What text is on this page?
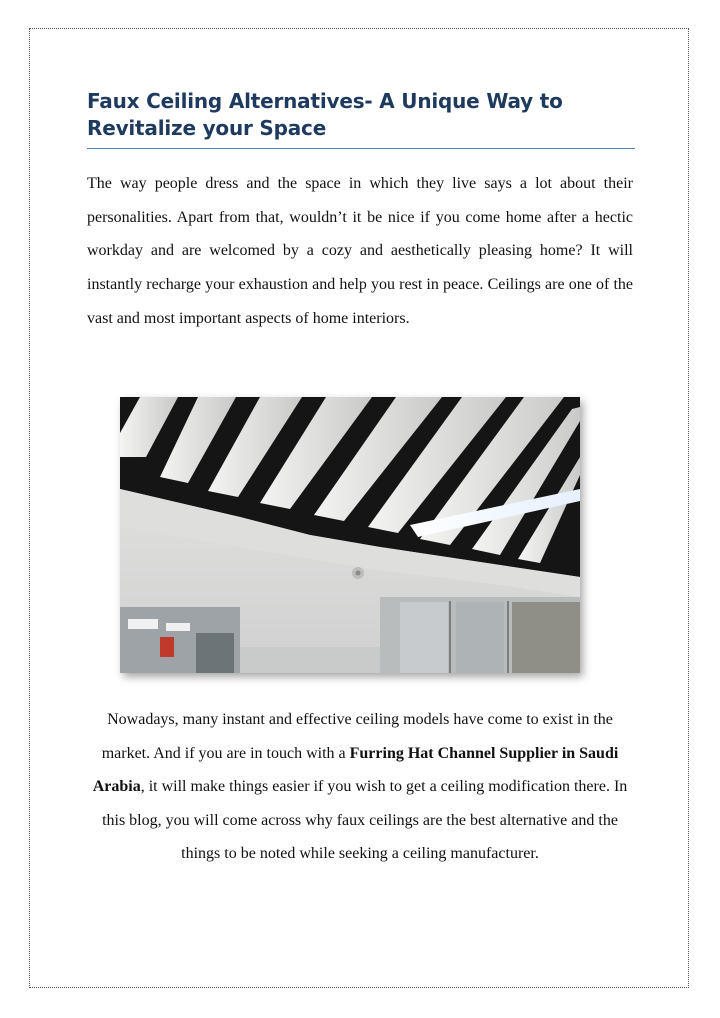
Faux Ceiling Alternatives- A Unique Way to Revitalize your Space

The way people dress and the space in which they live says a lot about their personalities. Apart from that, wouldn’t it be nice if you come home after a hectic workday and are welcomed by a cozy and aesthetically pleasing home? It will instantly recharge your exhaustion and help you rest in peace. Ceilings are one of the vast and most important aspects of home interiors.

Nowadays, many instant and effective ceiling models have come to exist in the market. And if you are in touch with a Furring Hat Channel Supplier in Saudi Arabia, it will make things easier if you wish to get a ceiling modification there. In this blog, you will come across why faux ceilings are the best alternative and the things to be noted while seeking a ceiling manufacturer.
